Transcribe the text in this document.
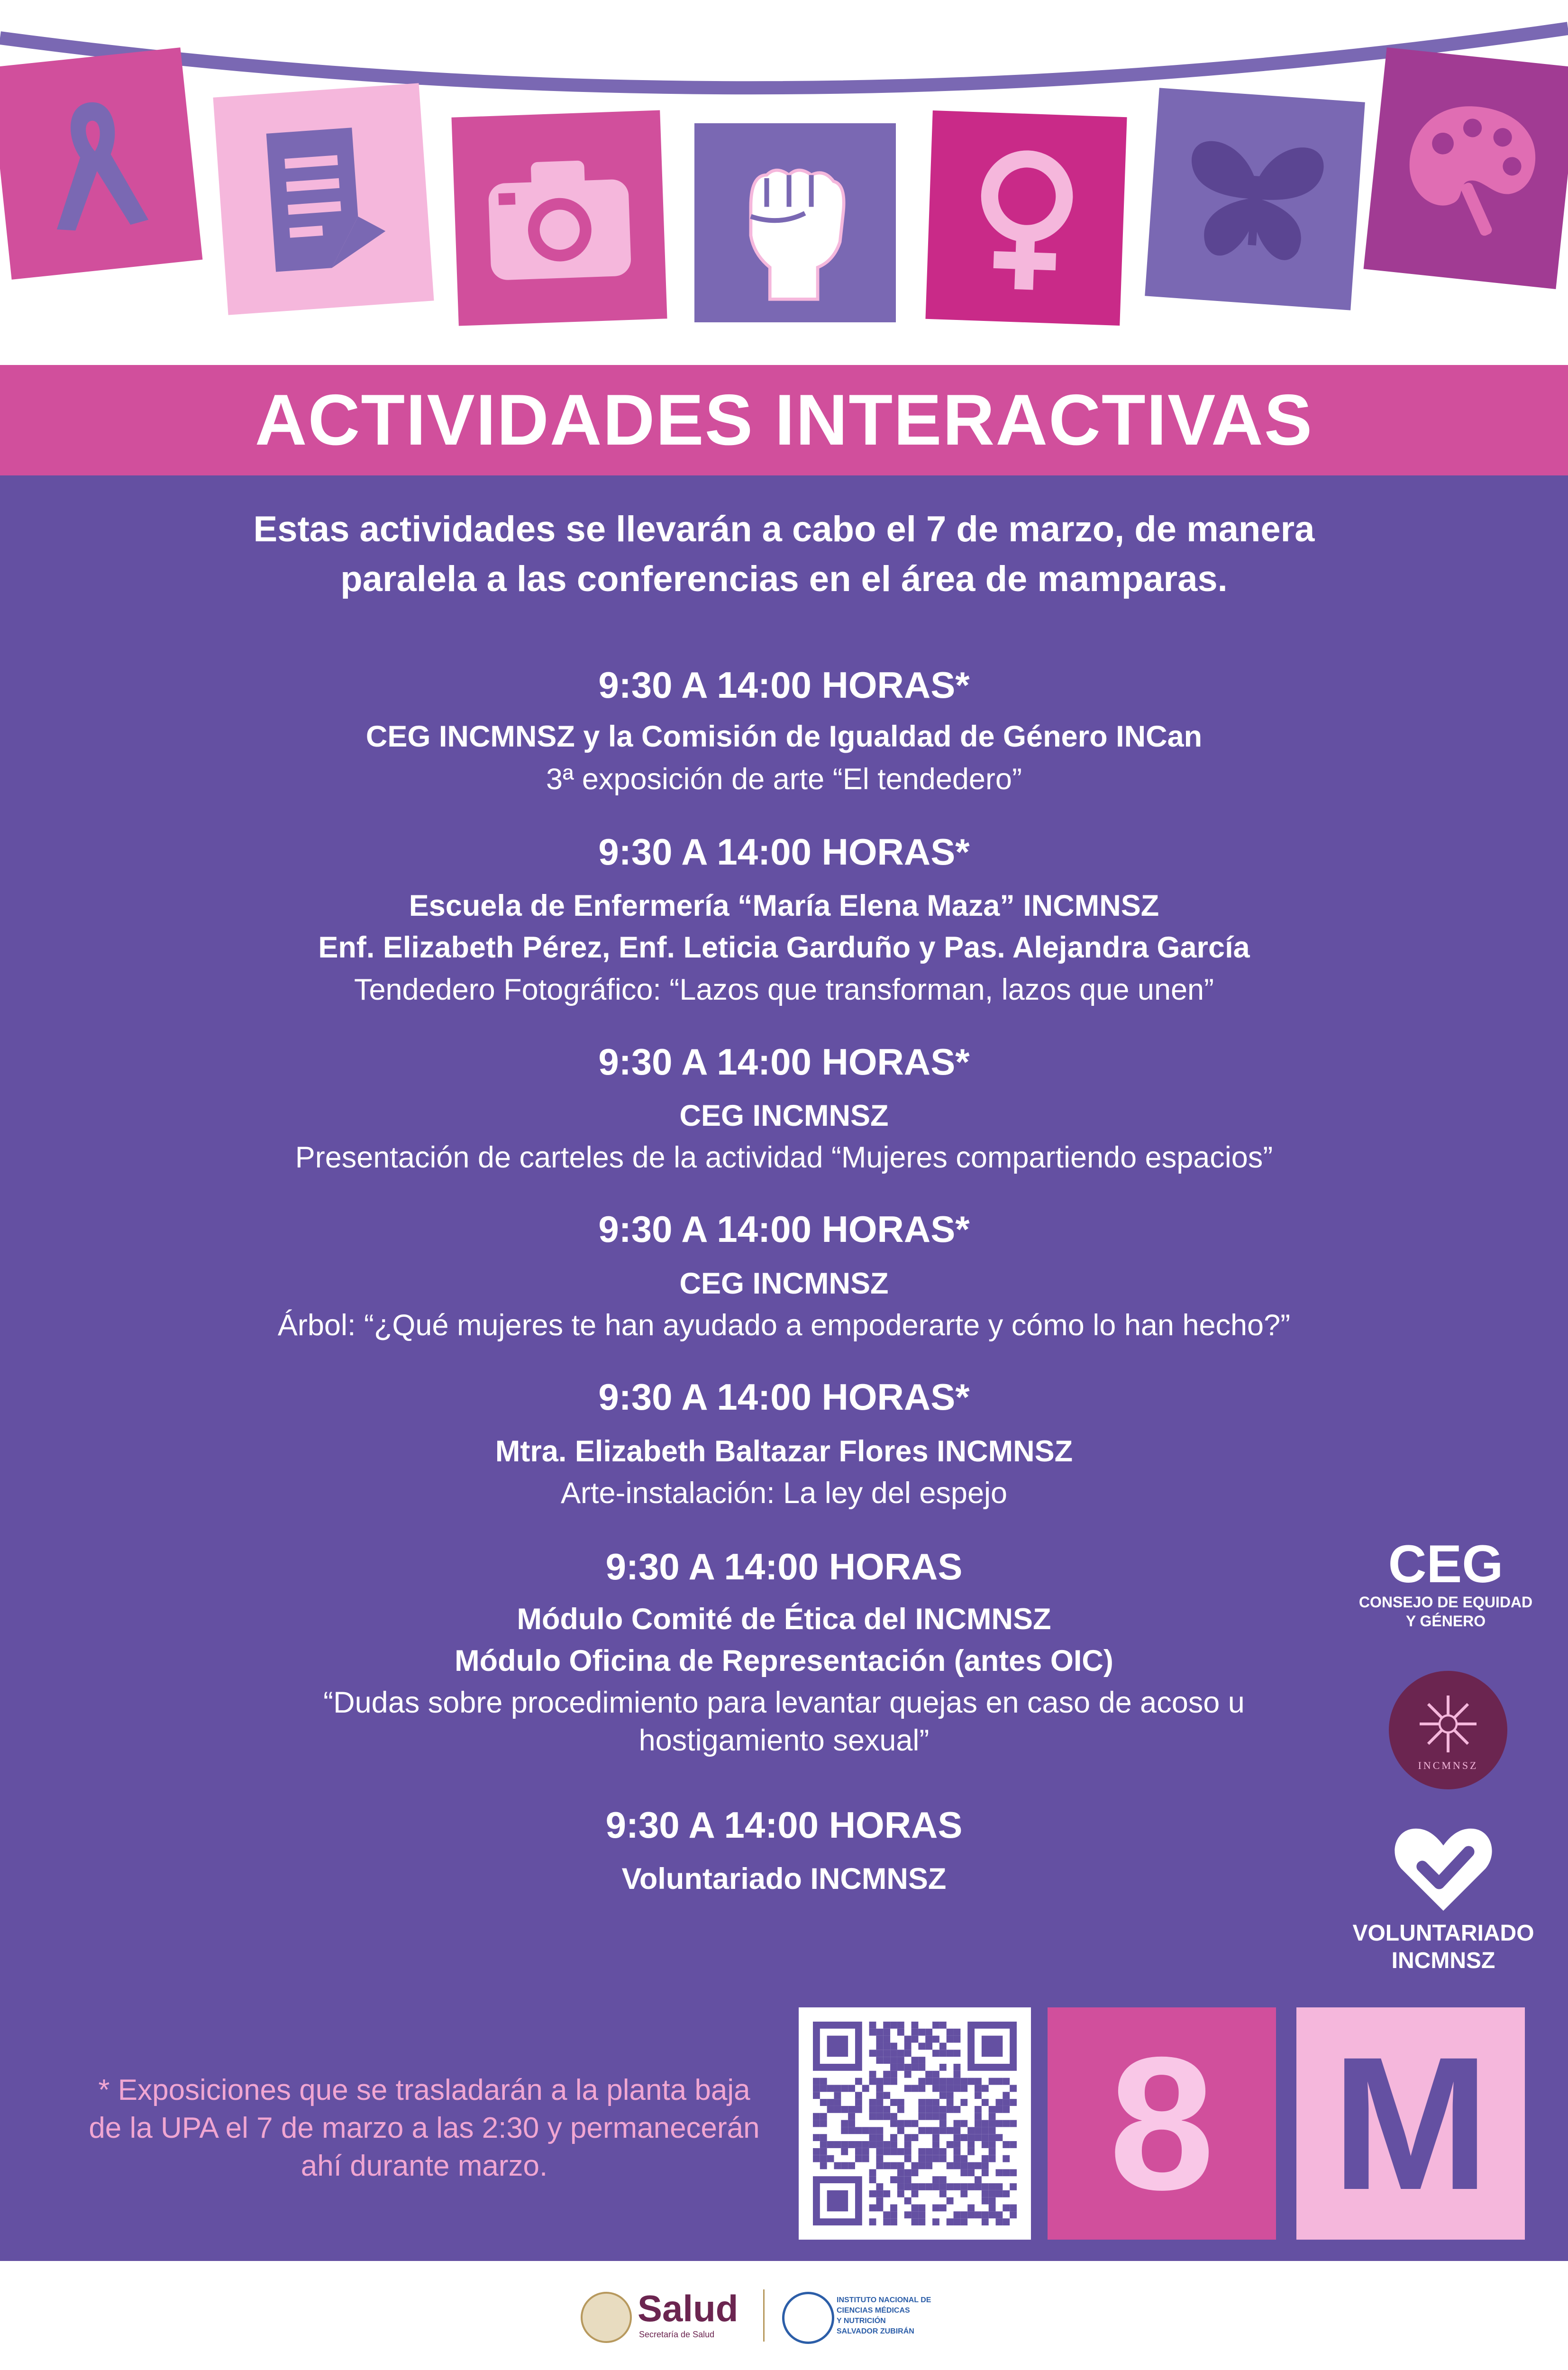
ACTIVIDADES INTERACTIVAS
Estas actividades se llevarán a cabo el 7 de marzo, de manera
paralela a las conferencias en el área de mamparas.
9:30 A 14:00 HORAS*
CEG INCMNSZ y la Comisión de Igualdad de Género INCan
3ª exposición de arte “El tendedero”
9:30 A 14:00 HORAS*
Escuela de Enfermería “María Elena Maza” INCMNSZ
Enf. Elizabeth Pérez, Enf. Leticia Garduño y Pas. Alejandra García
Tendedero Fotográfico: “Lazos que transforman, lazos que unen”
9:30 A 14:00 HORAS*
CEG INCMNSZ
Presentación de carteles de la actividad “Mujeres compartiendo espacios”
9:30 A 14:00 HORAS*
CEG INCMNSZ
Árbol: “¿Qué mujeres te han ayudado a empoderarte y cómo lo han hecho?”
9:30 A 14:00 HORAS*
Mtra. Elizabeth Baltazar Flores INCMNSZ
Arte-instalación: La ley del espejo
9:30 A 14:00 HORAS
Módulo Comité de Ética del INCMNSZ
Módulo Oficina de Representación (antes OIC)
“Dudas sobre procedimiento para levantar quejas en caso de acoso u
hostigamiento sexual”
9:30 A 14:00 HORAS
Voluntariado INCMNSZ
CEG
CONSEJO DE EQUIDAD
Y GÉNERO
INCMNSZ
VOLUNTARIADO
INCMNSZ
* Exposiciones que se trasladarán a la planta baja de la UPA el 7 de marzo a las 2:30 y permanecerán ahí durante marzo.	8 M
Salud
Secretaría de Salud
INSTITUTO NACIONAL DE
CIENCIAS MÉDICAS
Y NUTRICIÓN
SALVADOR ZUBIRÁN
